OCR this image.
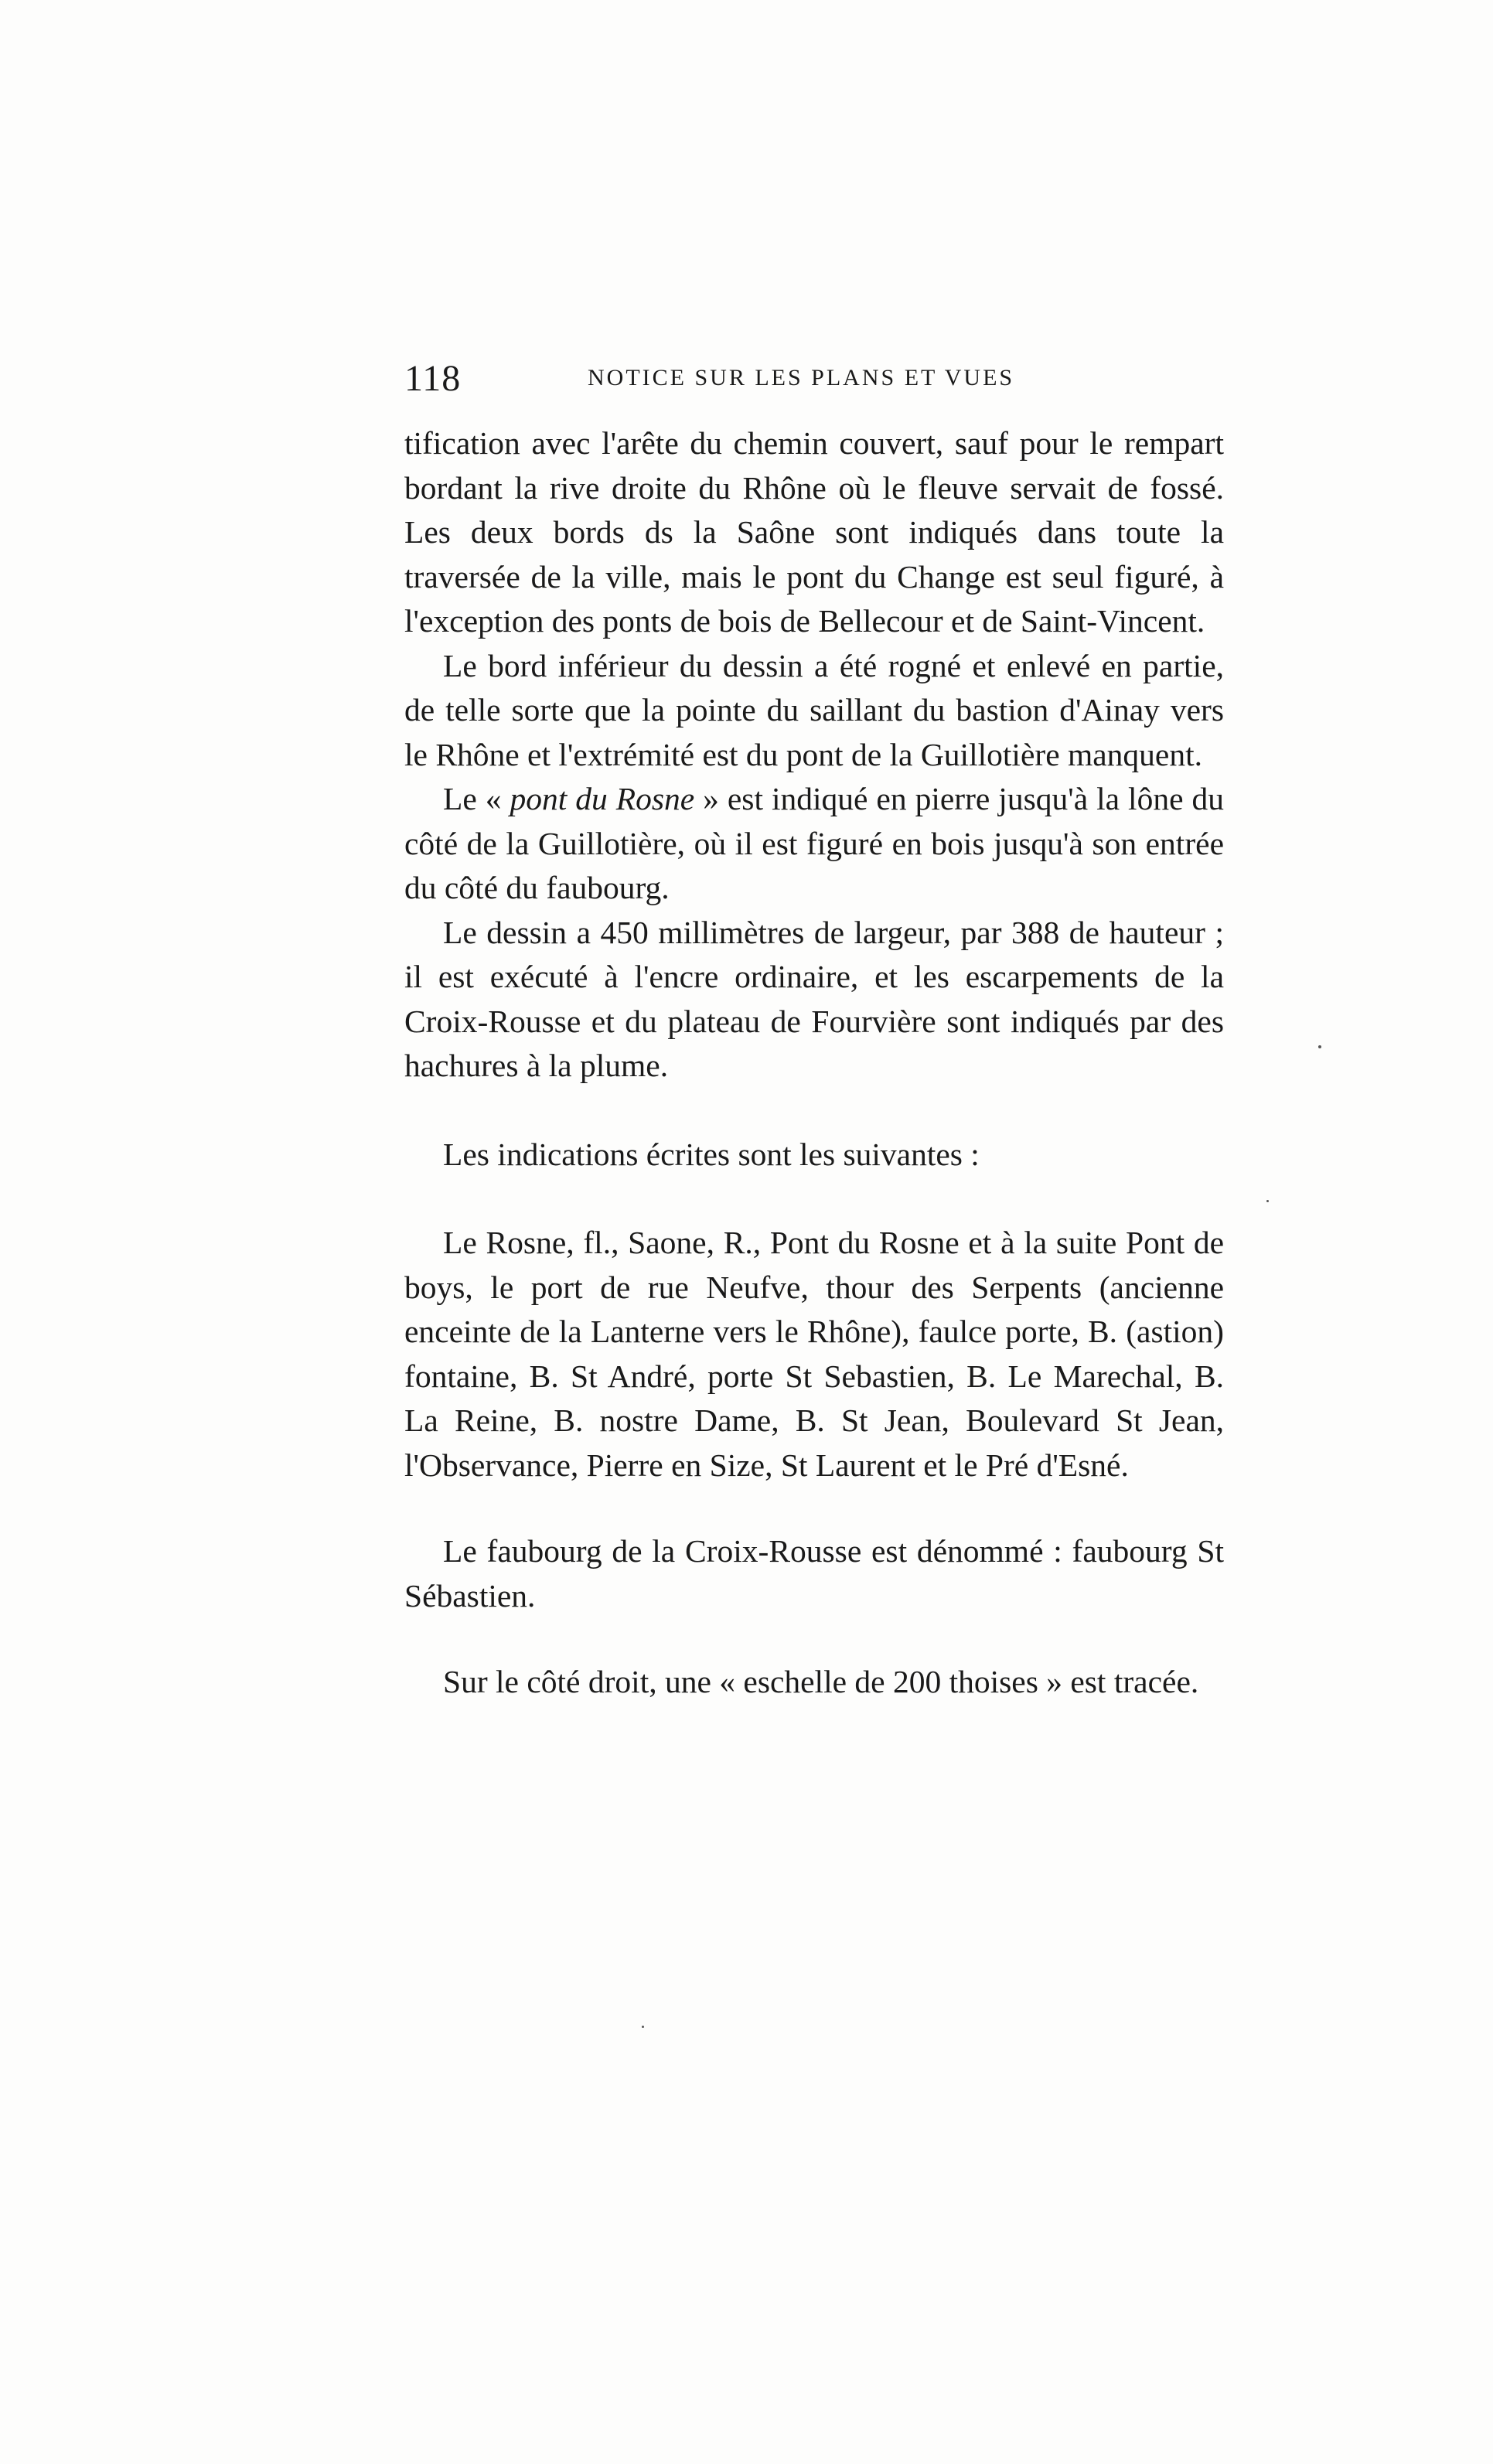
118	NOTICE SUR LES PLANS ET VUES

tification avec l'arête du chemin couvert, sauf pour le rempart bordant la rive droite du Rhône où le fleuve servait de fossé. Les deux bords ds la Saône sont indiqués dans toute la traversée de la ville, mais le pont du Change est seul figuré, à l'exception des ponts de bois de Bellecour et de Saint-Vincent.

Le bord inférieur du dessin a été rogné et enlevé en partie, de telle sorte que la pointe du saillant du bastion d'Ainay vers le Rhône et l'extrémité est du pont de la Guillotière manquent.

Le « pont du Rosne » est indiqué en pierre jusqu'à la lône du côté de la Guillotière, où il est figuré en bois jusqu'à son entrée du côté du faubourg.

Le dessin a 450 millimètres de largeur, par 388 de hauteur ; il est exécuté à l'encre ordinaire, et les escarpements de la Croix-Rousse et du plateau de Fourvière sont indiqués par des hachures à la plume.

Les indications écrites sont les suivantes :

Le Rosne, fl., Saone, R., Pont du Rosne et à la suite Pont de boys, le port de rue Neufve, thour des Serpents (ancienne enceinte de la Lanterne vers le Rhône), faulce porte, B. (astion) fontaine, B. St André, porte St Sebastien, B. Le Marechal, B. La Reine, B. nostre Dame, B. St Jean, Boulevard St Jean, l'Observance, Pierre en Size, St Laurent et le Pré d'Esné.

Le faubourg de la Croix-Rousse est dénommé : faubourg St Sébastien.

Sur le côté droit, une « eschelle de 200 thoises » est tracée.
